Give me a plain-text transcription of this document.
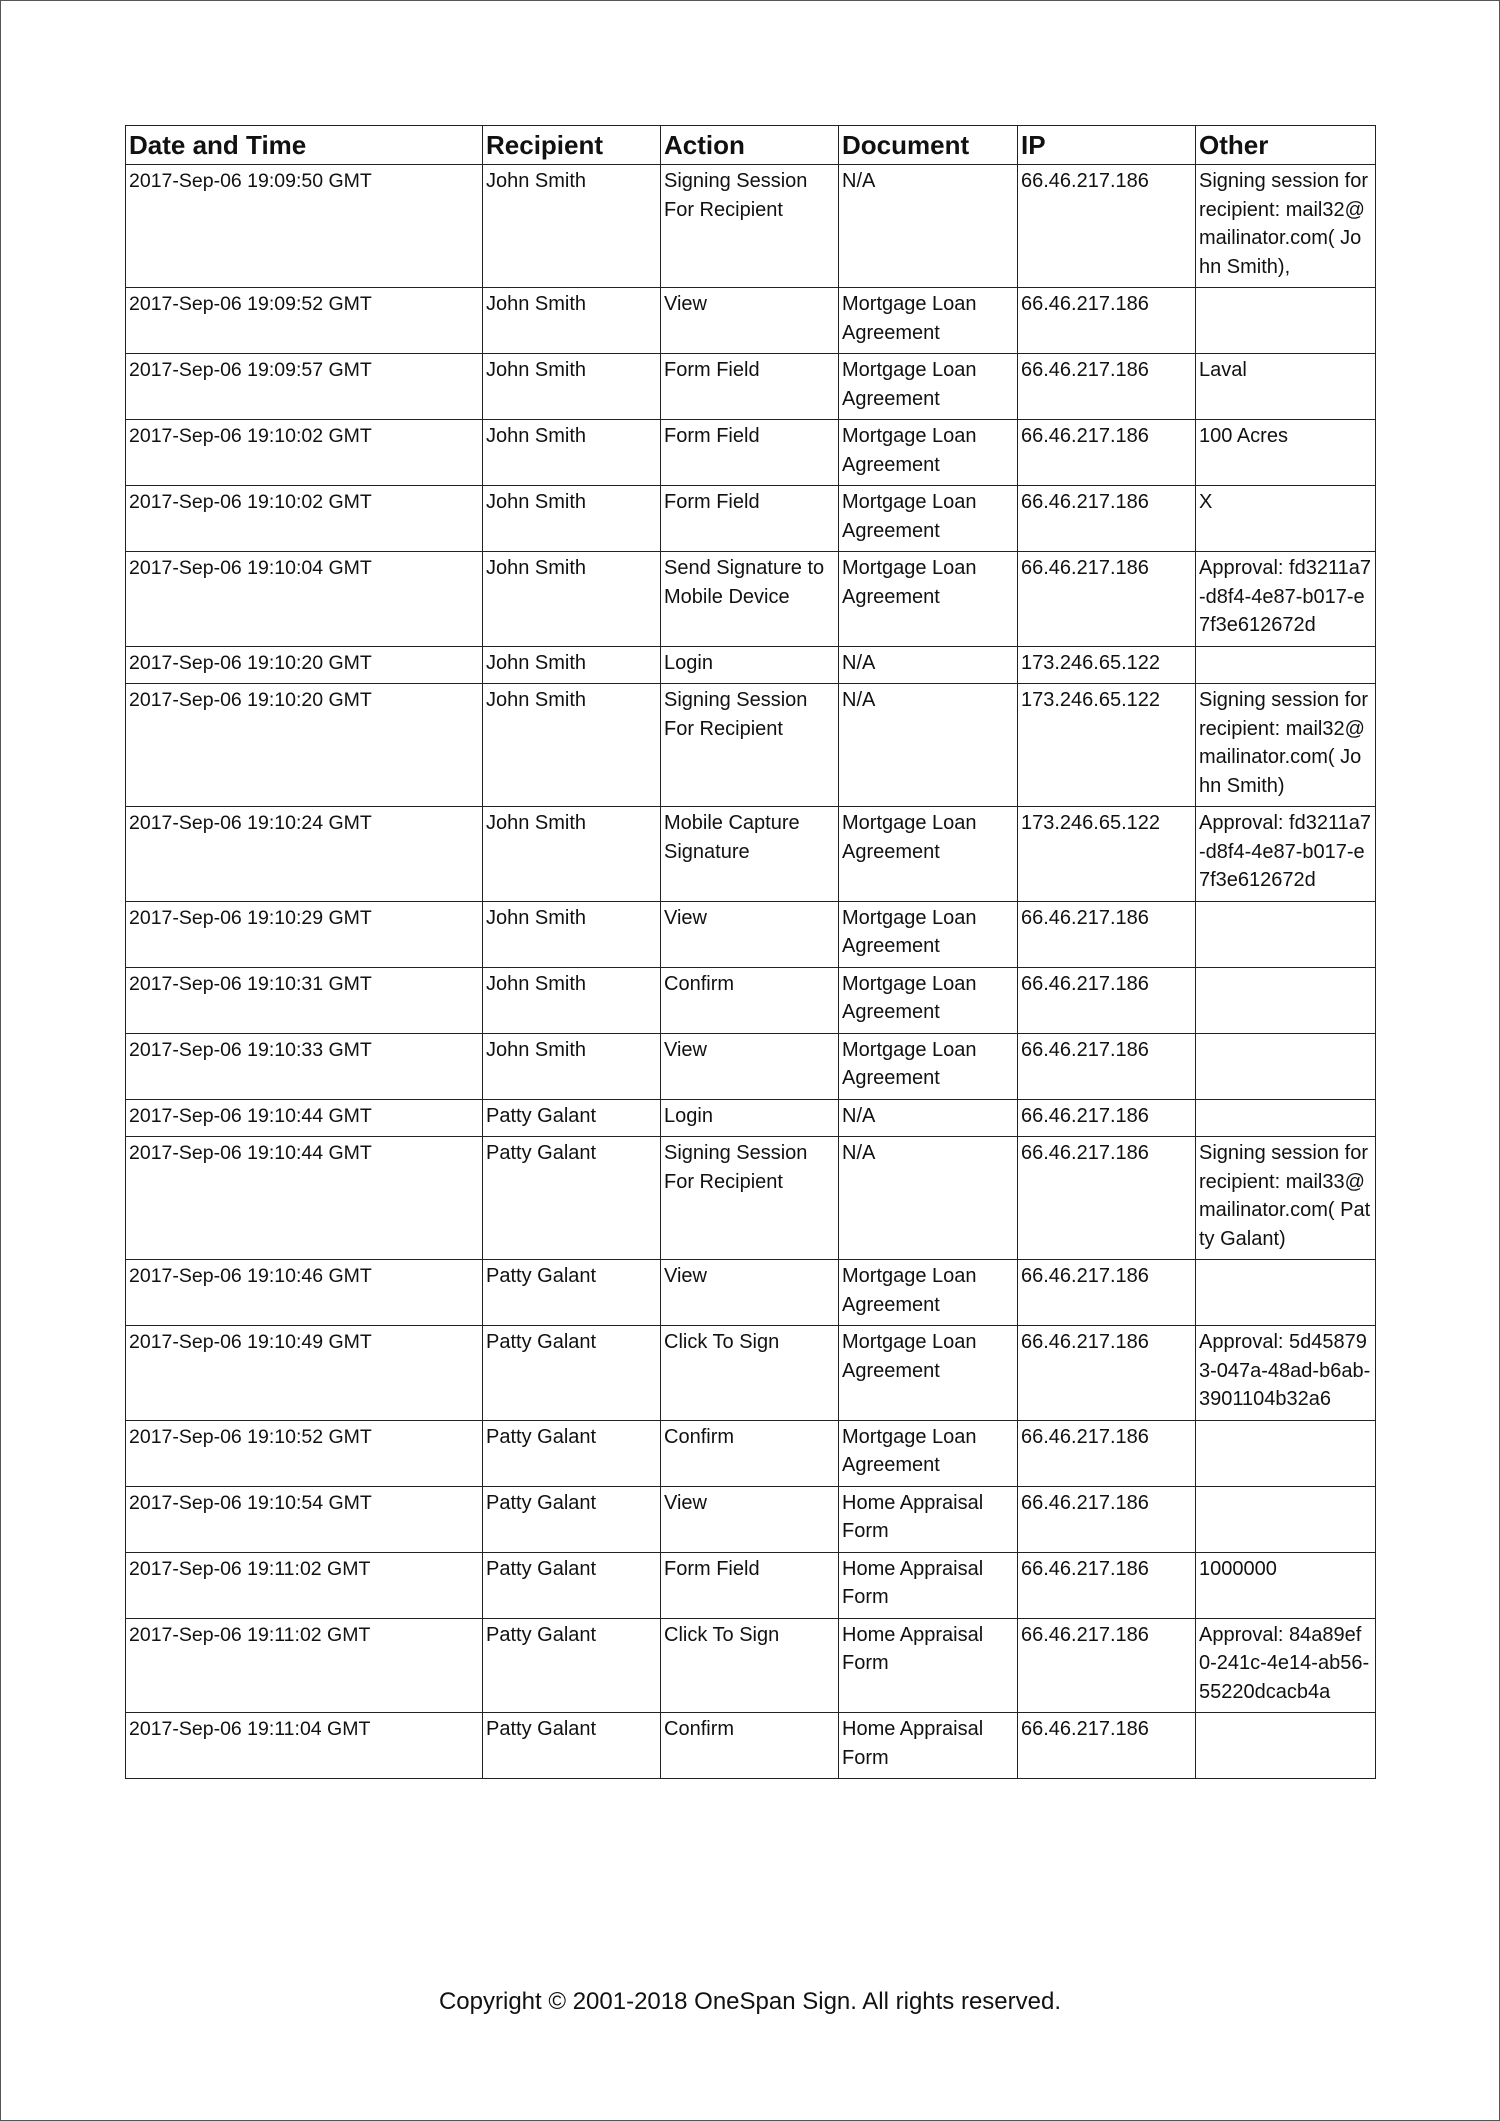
Date and Time	Recipient	Action	Document	IP	Other
2017-Sep-06 19:09:50 GMT	John Smith	Signing Session For Recipient	N/A	66.46.217.186	Signing session for recipient: mail32@ mailinator.com( John Smith),
2017-Sep-06 19:09:52 GMT	John Smith	View	Mortgage Loan Agreement	66.46.217.186	
2017-Sep-06 19:09:57 GMT	John Smith	Form Field	Mortgage Loan Agreement	66.46.217.186	Laval
2017-Sep-06 19:10:02 GMT	John Smith	Form Field	Mortgage Loan Agreement	66.46.217.186	100 Acres
2017-Sep-06 19:10:02 GMT	John Smith	Form Field	Mortgage Loan Agreement	66.46.217.186	X
2017-Sep-06 19:10:04 GMT	John Smith	Send Signature to Mobile Device	Mortgage Loan Agreement	66.46.217.186	Approval: fd3211a7-d8f4-4e87-b017-e7f3e612672d
2017-Sep-06 19:10:20 GMT	John Smith	Login	N/A	173.246.65.122	
2017-Sep-06 19:10:20 GMT	John Smith	Signing Session For Recipient	N/A	173.246.65.122	Signing session for recipient: mail32@ mailinator.com( John Smith)
2017-Sep-06 19:10:24 GMT	John Smith	Mobile Capture Signature	Mortgage Loan Agreement	173.246.65.122	Approval: fd3211a7-d8f4-4e87-b017-e7f3e612672d
2017-Sep-06 19:10:29 GMT	John Smith	View	Mortgage Loan Agreement	66.46.217.186	
2017-Sep-06 19:10:31 GMT	John Smith	Confirm	Mortgage Loan Agreement	66.46.217.186	
2017-Sep-06 19:10:33 GMT	John Smith	View	Mortgage Loan Agreement	66.46.217.186	
2017-Sep-06 19:10:44 GMT	Patty Galant	Login	N/A	66.46.217.186	
2017-Sep-06 19:10:44 GMT	Patty Galant	Signing Session For Recipient	N/A	66.46.217.186	Signing session for recipient: mail33@ mailinator.com( Patty Galant)
2017-Sep-06 19:10:46 GMT	Patty Galant	View	Mortgage Loan Agreement	66.46.217.186	
2017-Sep-06 19:10:49 GMT	Patty Galant	Click To Sign	Mortgage Loan Agreement	66.46.217.186	Approval: 5d458793-047a-48ad-b6ab-3901104b32a6
2017-Sep-06 19:10:52 GMT	Patty Galant	Confirm	Mortgage Loan Agreement	66.46.217.186	
2017-Sep-06 19:10:54 GMT	Patty Galant	View	Home Appraisal Form	66.46.217.186	
2017-Sep-06 19:11:02 GMT	Patty Galant	Form Field	Home Appraisal Form	66.46.217.186	1000000
2017-Sep-06 19:11:02 GMT	Patty Galant	Click To Sign	Home Appraisal Form	66.46.217.186	Approval: 84a89ef0-241c-4e14-ab56-55220dcacb4a
2017-Sep-06 19:11:04 GMT	Patty Galant	Confirm	Home Appraisal Form	66.46.217.186	
Copyright © 2001-2018 OneSpan Sign. All rights reserved.
